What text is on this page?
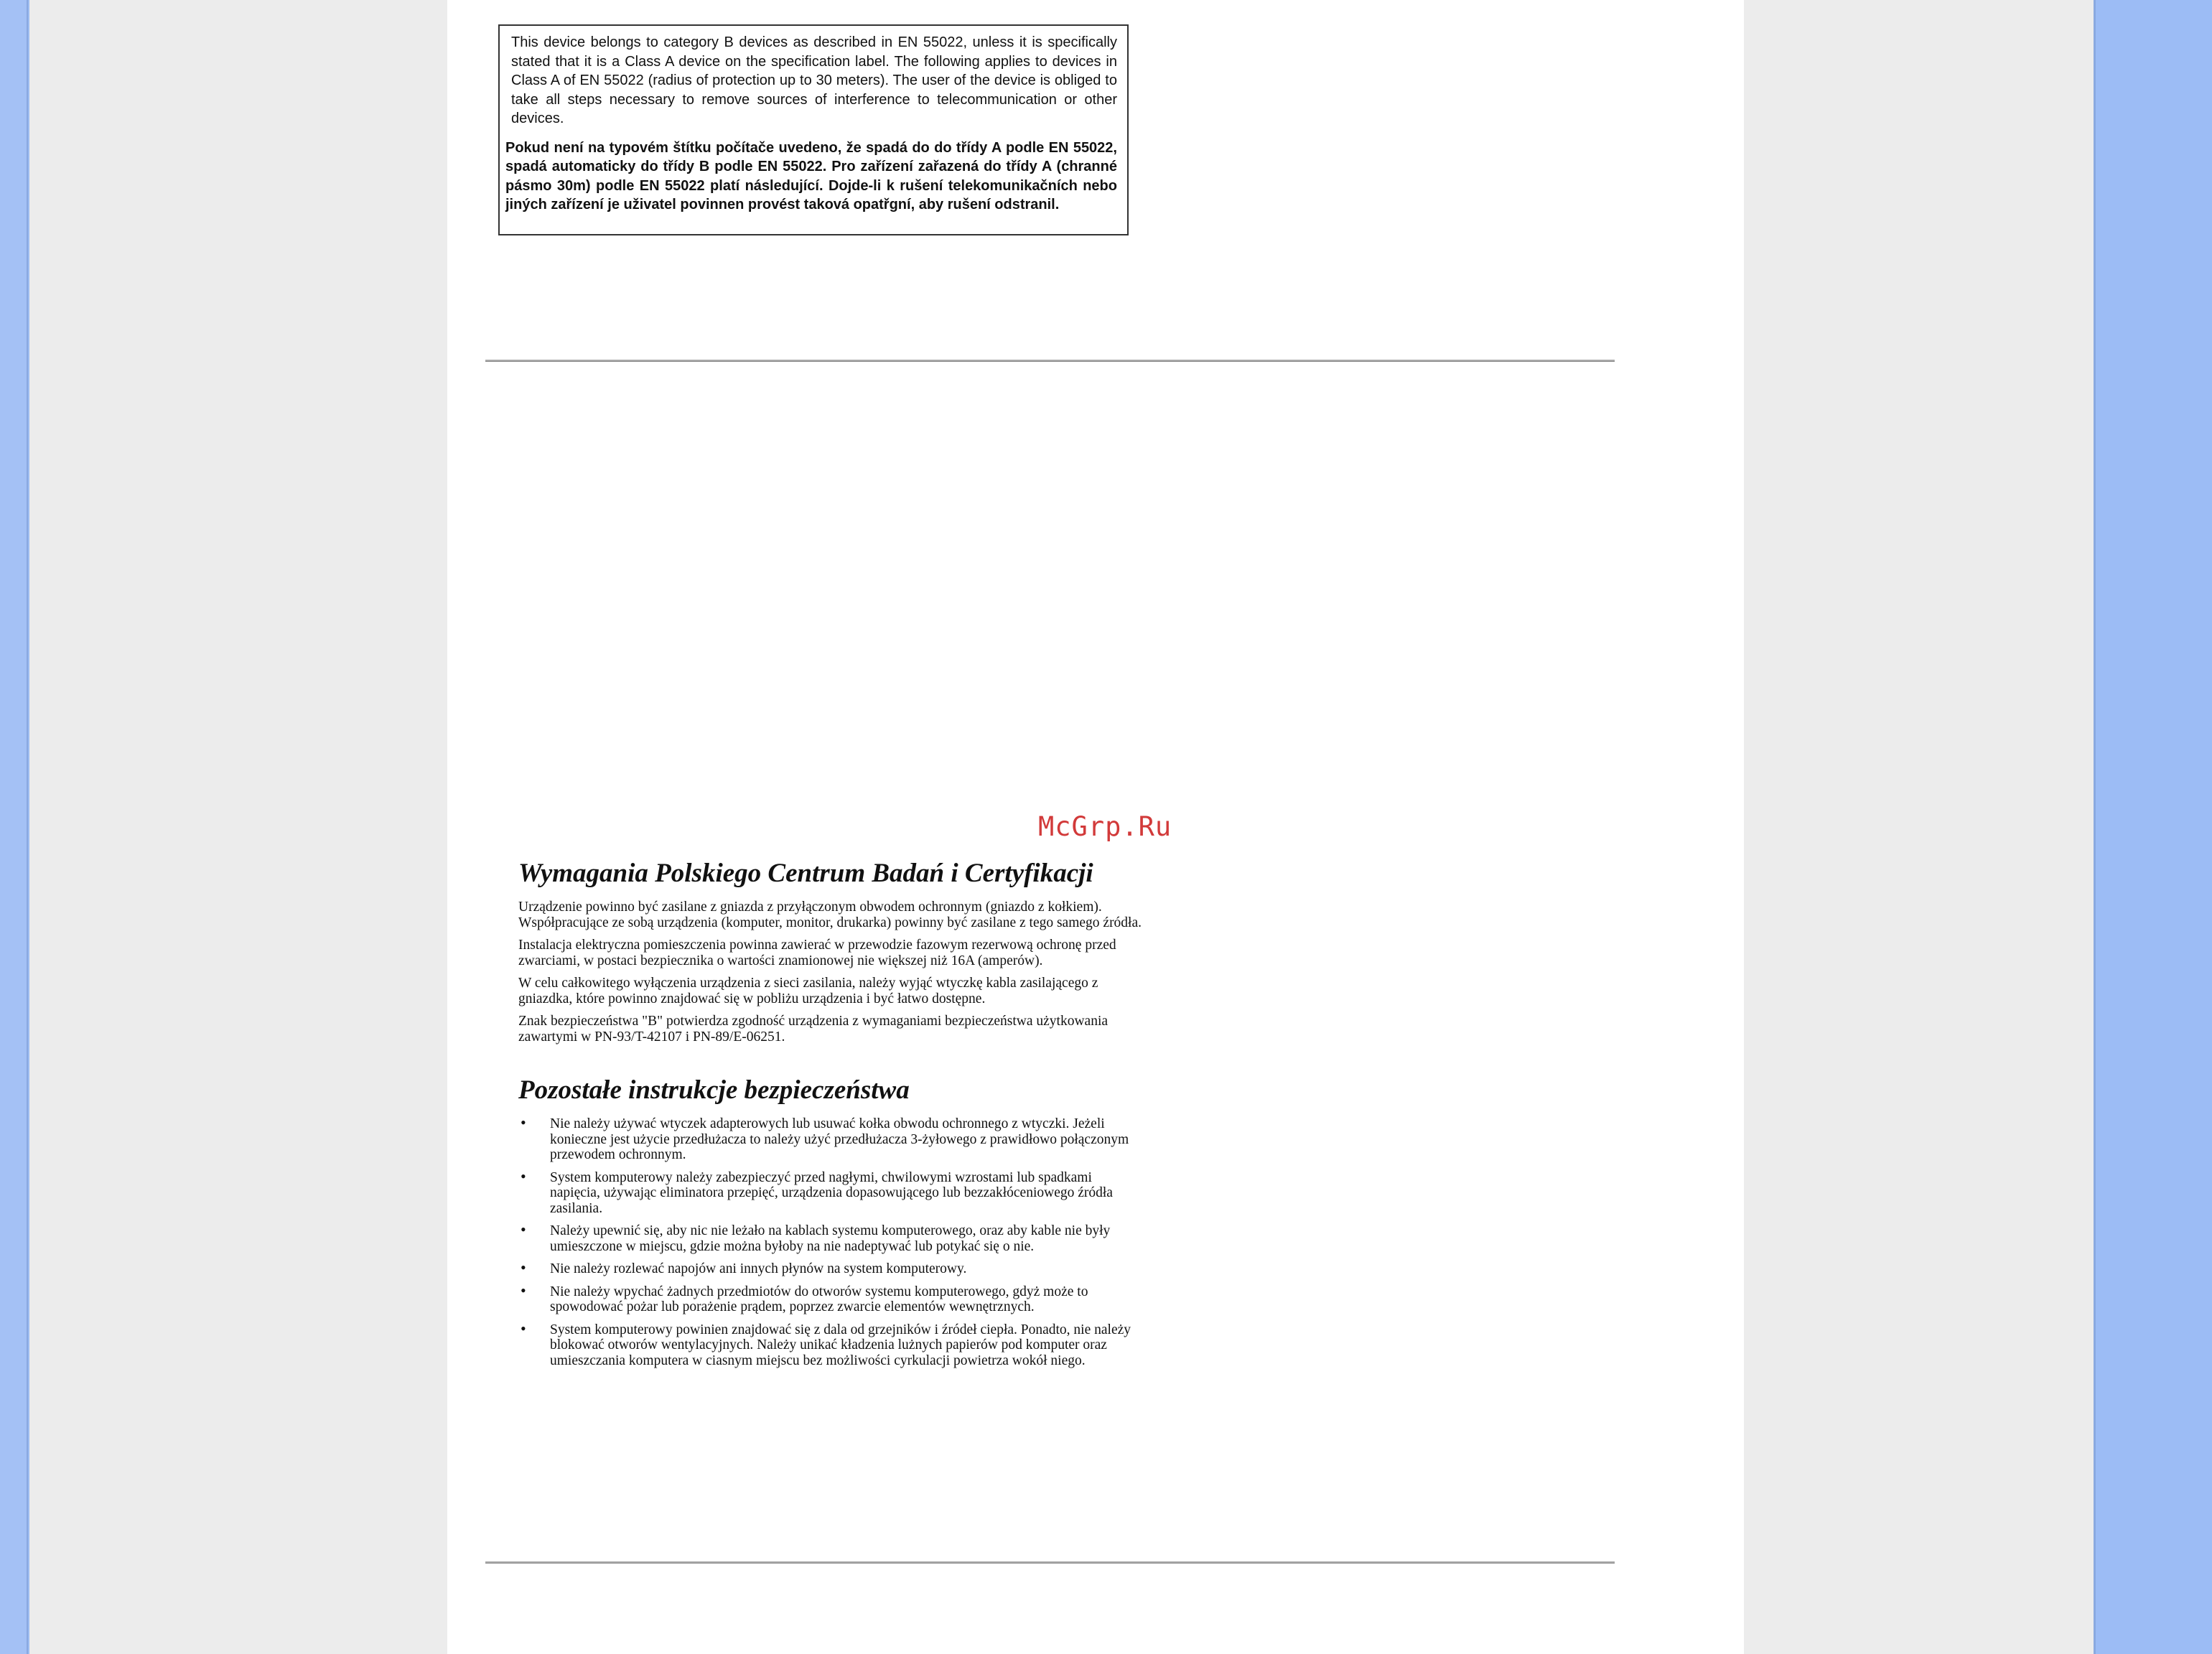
This device belongs to category B devices as described in EN 55022, unless it is specifically stated that it is a Class A device on the specification label. The following applies to devices in Class A of EN 55022 (radius of protection up to 30 meters). The user of the device is obliged to take all steps necessary to remove sources of interference to telecommunication or other devices.

Pokud není na typovém štítku počítače uvedeno, že spadá do do třídy A podle EN 55022, spadá automaticky do třídy B podle EN 55022. Pro zařízení zařazená do třídy A (chranné pásmo 30m) podle EN 55022 platí následující. Dojde-li k rušení telekomunikačních nebo jiných zařízení je uživatel povinnen provést taková opatřgní, aby rušení odstranil.

McGrp.Ru
Wymagania Polskiego Centrum Badań i Certyfikacji

Urządzenie powinno być zasilane z gniazda z przyłączonym obwodem ochronnym (gniazdo z kołkiem). Współpracujące ze sobą urządzenia (komputer, monitor, drukarka) powinny być zasilane z tego samego źródła.

Instalacja elektryczna pomieszczenia powinna zawierać w przewodzie fazowym rezerwową ochronę przed zwarciami, w postaci bezpiecznika o wartości znamionowej nie większej niż 16A (amperów).

W celu całkowitego wyłączenia urządzenia z sieci zasilania, należy wyjąć wtyczkę kabla zasilającego z gniazdka, które powinno znajdować się w pobliżu urządzenia i być łatwo dostępne.

Znak bezpieczeństwa "B" potwierdza zgodność urządzenia z wymaganiami bezpieczeństwa użytkowania zawartymi w PN-93/T-42107 i PN-89/E-06251.

Pozostałe instrukcje bezpieczeństwa
• Nie należy używać wtyczek adapterowych lub usuwać kołka obwodu ochronnego z wtyczki. Jeżeli konieczne jest użycie przedłużacza to należy użyć przedłużacza 3-żyłowego z prawidłowo połączonym przewodem ochronnym.
• System komputerowy należy zabezpieczyć przed nagłymi, chwilowymi wzrostami lub spadkami napięcia, używając eliminatora przepięć, urządzenia dopasowującego lub bezzakłóceniowego źródła zasilania.
• Należy upewnić się, aby nic nie leżało na kablach systemu komputerowego, oraz aby kable nie były umieszczone w miejscu, gdzie można byłoby na nie nadeptywać lub potykać się o nie.
• Nie należy rozlewać napojów ani innych płynów na system komputerowy.
• Nie należy wpychać żadnych przedmiotów do otworów systemu komputerowego, gdyż może to spowodować pożar lub porażenie prądem, poprzez zwarcie elementów wewnętrznych.
• System komputerowy powinien znajdować się z dala od grzejników i źródeł ciepła. Ponadto, nie należy blokować otworów wentylacyjnych. Należy unikać kładzenia lużnych papierów pod komputer oraz umieszczania komputera w ciasnym miejscu bez możliwości cyrkulacji powietrza wokół niego.
